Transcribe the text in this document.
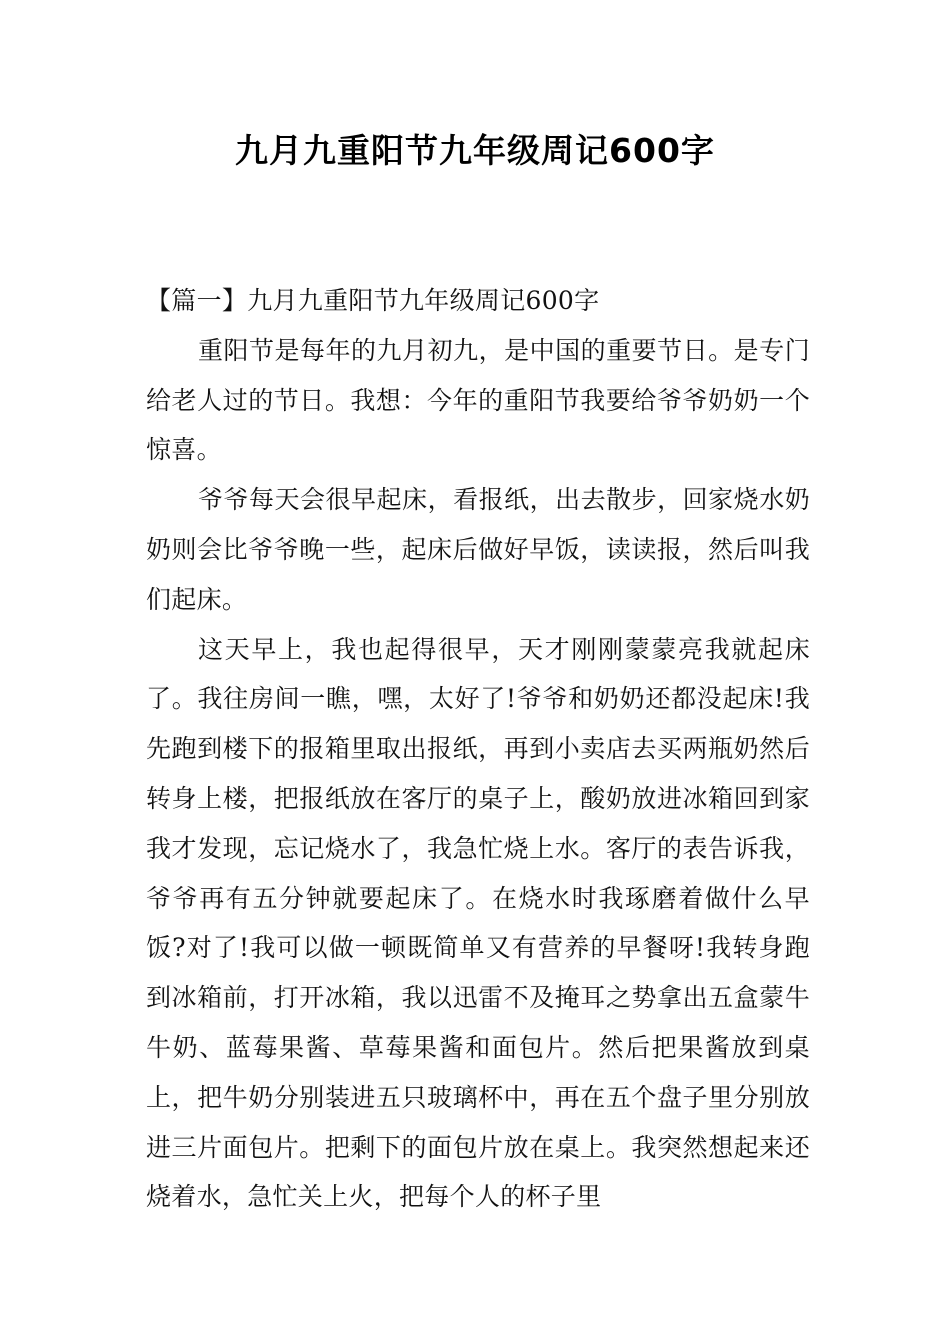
九月九重阳节九年级周记600字

【篇一】九月九重阳节九年级周记600字

重阳节是每年的九月初九，是中国的重要节日。是专门给老人过的节日。我想：今年的重阳节我要给爷爷奶奶一个惊喜。

爷爷每天会很早起床，看报纸，出去散步，回家烧水奶奶则会比爷爷晚一些，起床后做好早饭，读读报，然后叫我们起床。

这天早上，我也起得很早，天才刚刚蒙蒙亮我就起床了。我往房间一瞧，嘿，太好了!爷爷和奶奶还都没起床!我先跑到楼下的报箱里取出报纸，再到小卖店去买两瓶奶然后转身上楼，把报纸放在客厅的桌子上，酸奶放进冰箱回到家我才发现，忘记烧水了，我急忙烧上水。客厅的表告诉我，爷爷再有五分钟就要起床了。在烧水时我琢磨着做什么早饭?对了!我可以做一顿既简单又有营养的早餐呀!我转身跑到冰箱前，打开冰箱，我以迅雷不及掩耳之势拿出五盒蒙牛牛奶、蓝莓果酱、草莓果酱和面包片。然后把果酱放到桌上，把牛奶分别装进五只玻璃杯中，再在五个盘子里分别放进三片面包片。把剩下的面包片放在桌上。我突然想起来还烧着水，急忙关上火，把每个人的杯子里
